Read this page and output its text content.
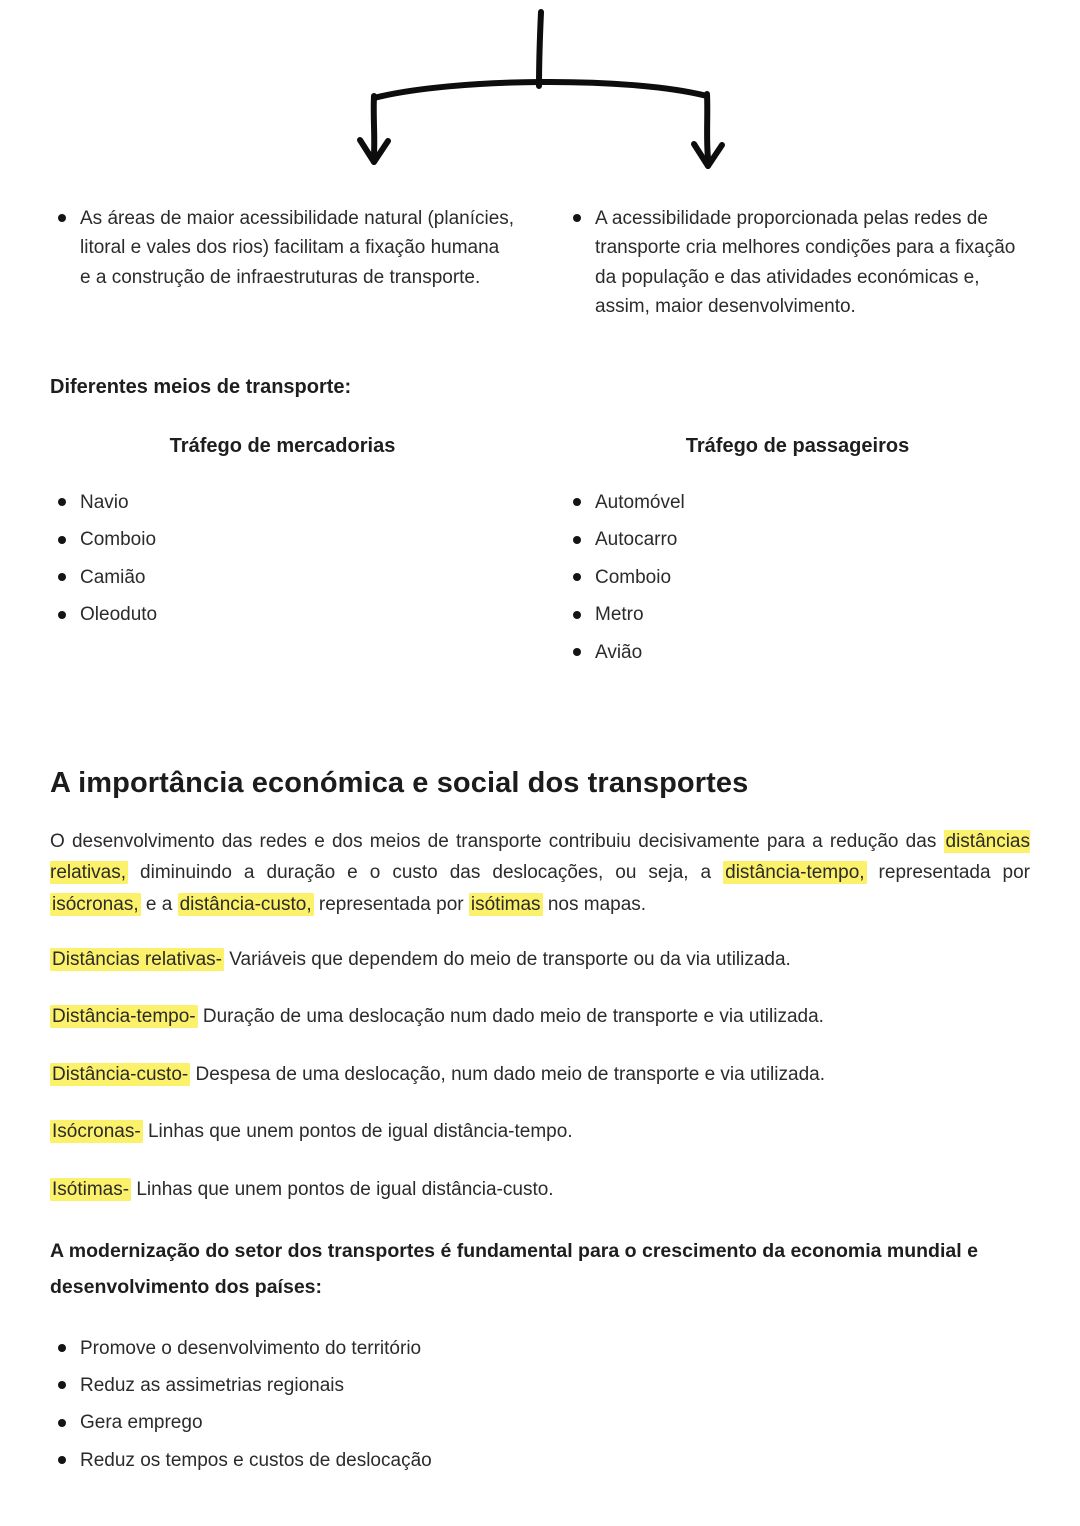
As áreas de maior acessibilidade natural (planícies, litoral e vales dos rios) facilitam a fixação humana e a construção de infraestruturas de transporte.
A acessibilidade proporcionada pelas redes de transporte cria melhores condições para a fixação da população e das atividades económicas e, assim, maior desenvolvimento.
Diferentes meios de transporte:
Tráfego de mercadorias
Navio
Comboio
Camião
Oleoduto
Tráfego de passageiros
Automóvel
Autocarro
Comboio
Metro
Avião
A importância económica e social dos transportes

O desenvolvimento das redes e dos meios de transporte contribuiu decisivamente para a redução das distâncias relativas, diminuindo a duração e o custo das deslocações, ou seja, a distância-tempo, representada por isócronas, e a distância-custo, representada por isótimas nos mapas.

Distâncias relativas- Variáveis que dependem do meio de transporte ou da via utilizada.

Distância-tempo- Duração de uma deslocação num dado meio de transporte e via utilizada.

Distância-custo- Despesa de uma deslocação, num dado meio de transporte e via utilizada.

Isócronas- Linhas que unem pontos de igual distância-tempo.

Isótimas- Linhas que unem pontos de igual distância-custo.

A modernização do setor dos transportes é fundamental para o crescimento da economia mundial e desenvolvimento dos países:

Promove o desenvolvimento do território
Reduz as assimetrias regionais
Gera emprego
Reduz os tempos e custos de deslocação
